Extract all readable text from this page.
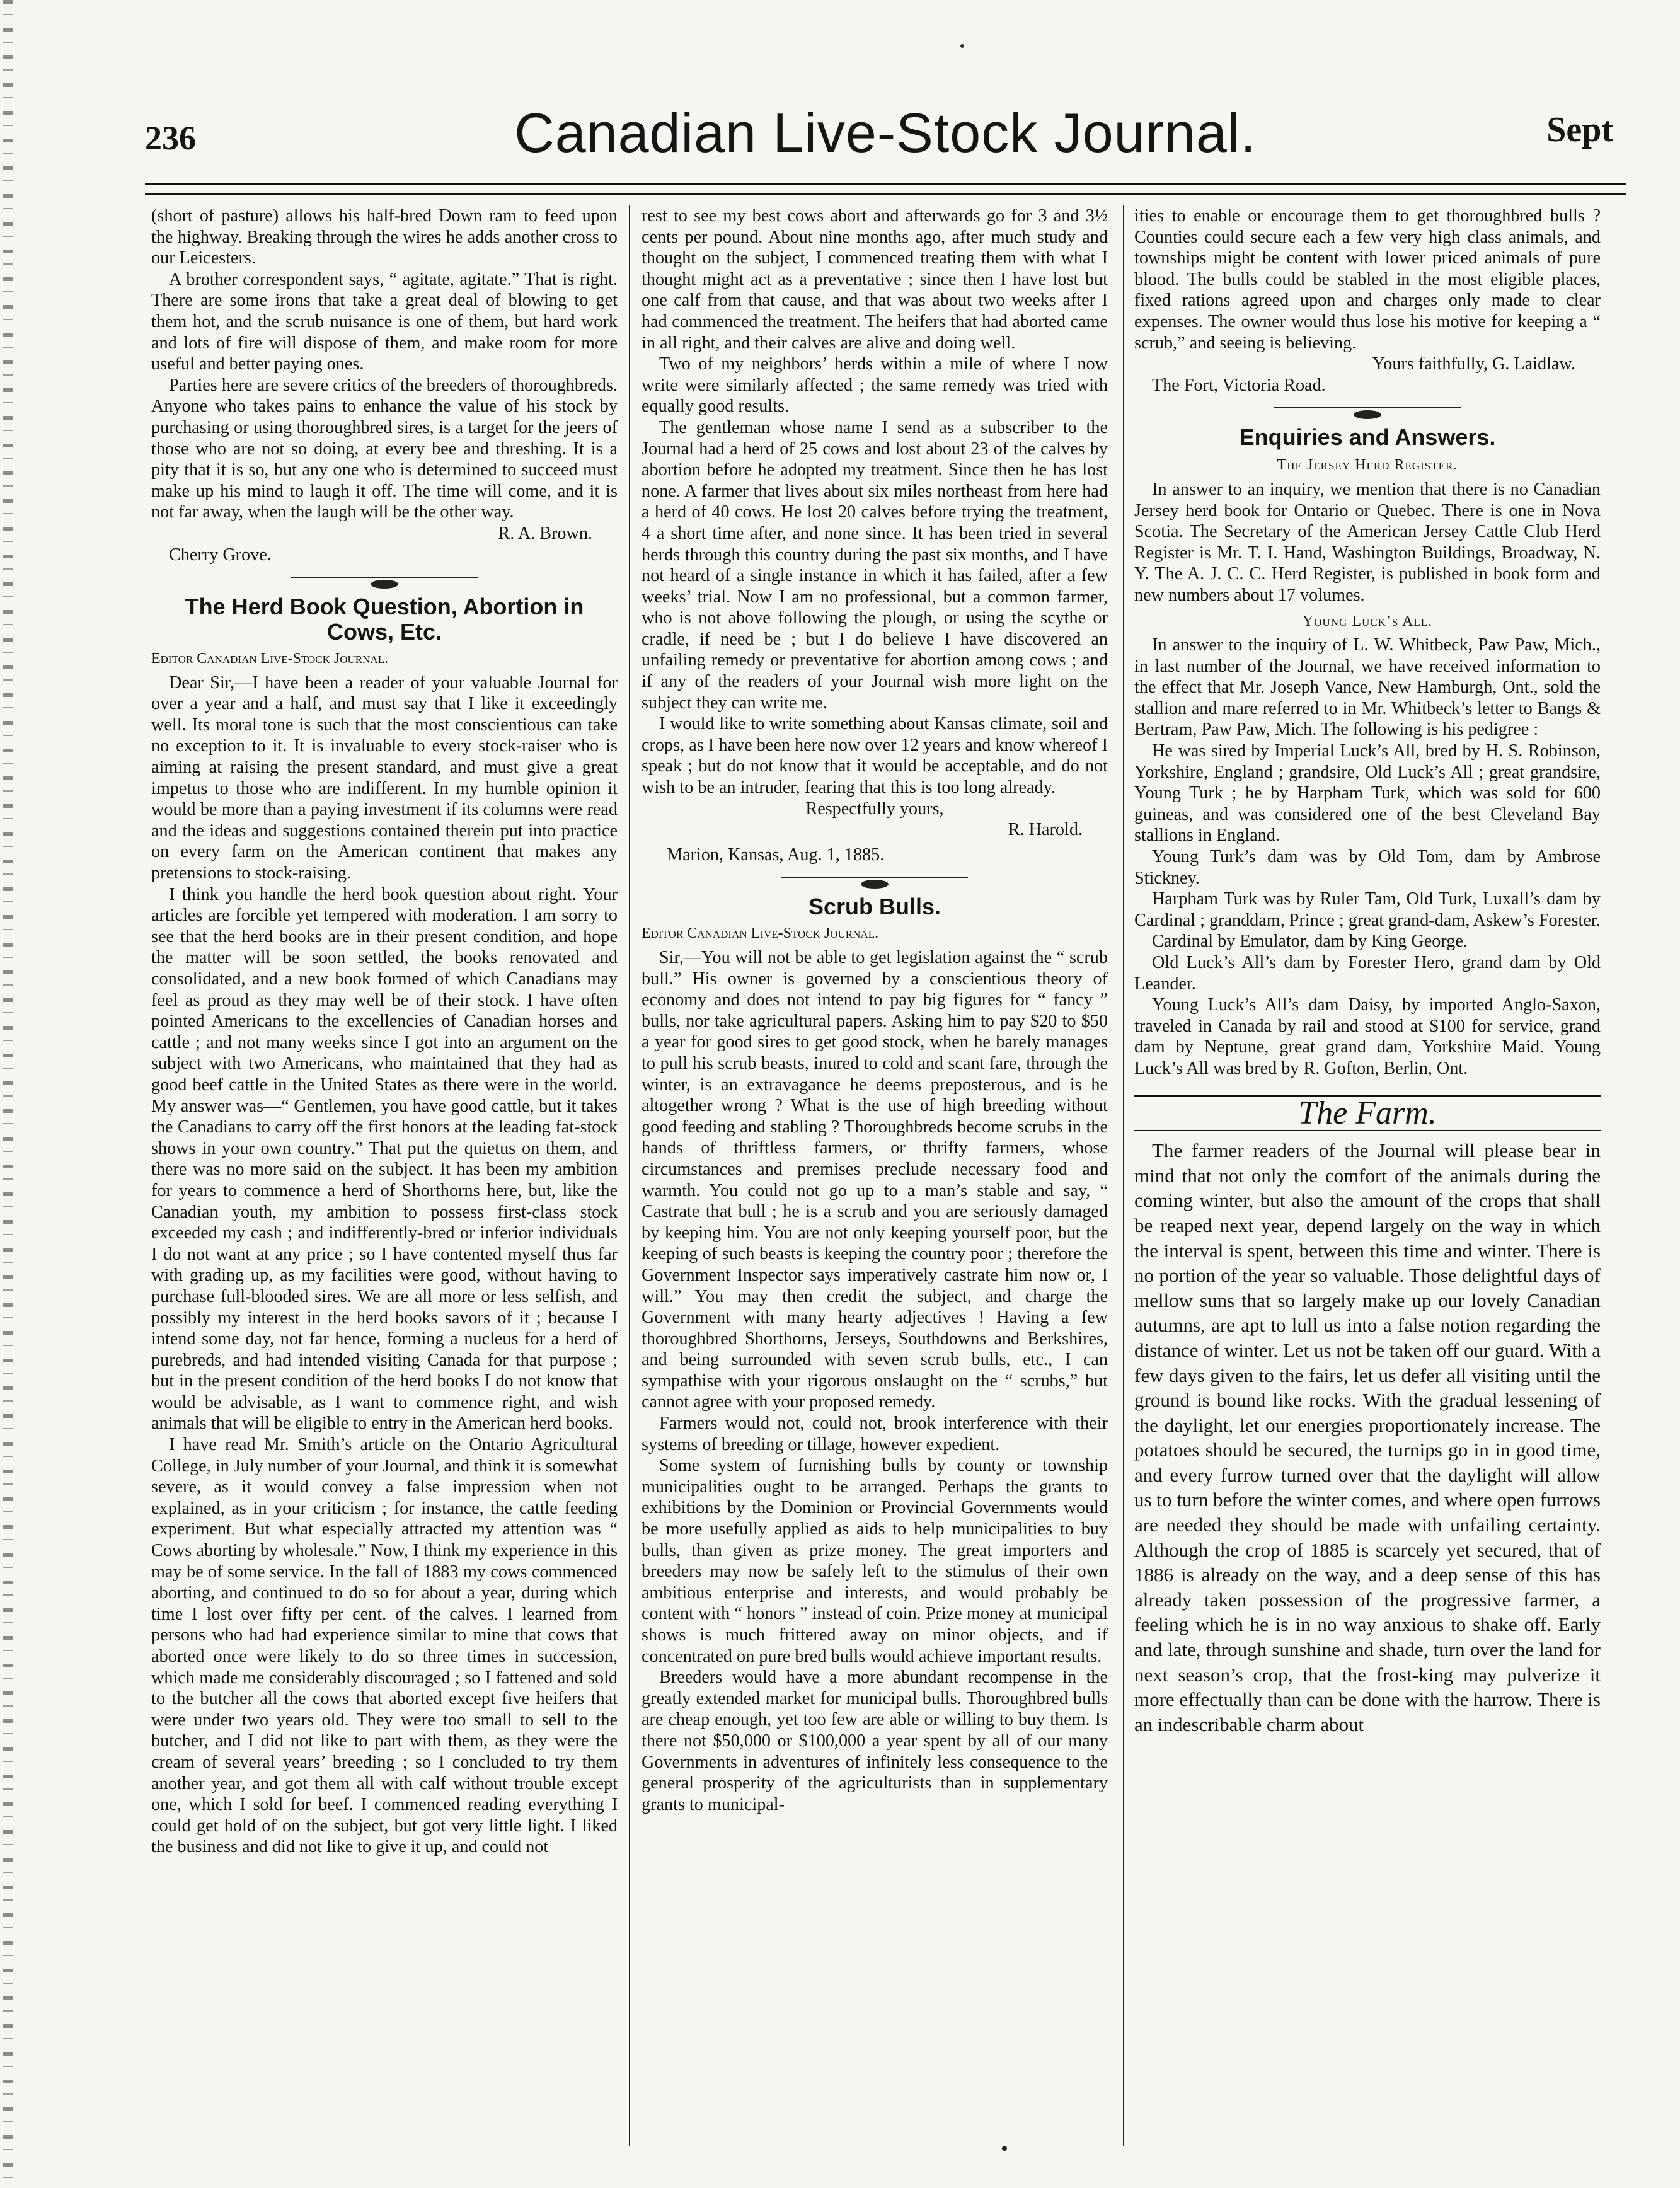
236	Canadian Live-Stock Journal.	Sept

(short of pasture) allows his half-bred Down ram to feed upon the highway. Breaking through the wires he adds another cross to our Leicesters.

A brother correspondent says, “ agitate, agitate.” That is right. There are some irons that take a great deal of blowing to get them hot, and the scrub nuisance is one of them, but hard work and lots of fire will dispose of them, and make room for more useful and better paying ones.

Parties here are severe critics of the breeders of thoroughbreds. Anyone who takes pains to enhance the value of his stock by purchasing or using thoroughbred sires, is a target for the jeers of those who are not so doing, at every bee and threshing. It is a pity that it is so, but any one who is determined to succeed must make up his mind to laugh it off. The time will come, and it is not far away, when the laugh will be the other way.

R. A. Brown.

Cherry Grove.

The Herd Book Question, Abortion in Cows, Etc.

Editor Canadian Live-Stock Journal.

Dear Sir,—I have been a reader of your valuable Journal for over a year and a half, and must say that I like it exceedingly well. Its moral tone is such that the most conscientious can take no exception to it. It is invaluable to every stock-raiser who is aiming at raising the present standard, and must give a great impetus to those who are indifferent. In my humble opinion it would be more than a paying investment if its columns were read and the ideas and suggestions contained therein put into practice on every farm on the American continent that makes any pretensions to stock-raising.

I think you handle the herd book question about right. Your articles are forcible yet tempered with moderation. I am sorry to see that the herd books are in their present condition, and hope the matter will be soon settled, the books renovated and consolidated, and a new book formed of which Canadians may feel as proud as they may well be of their stock. I have often pointed Americans to the excellencies of Canadian horses and cattle ; and not many weeks since I got into an argument on the subject with two Americans, who maintained that they had as good beef cattle in the United States as there were in the world. My answer was—“ Gentlemen, you have good cattle, but it takes the Canadians to carry off the first honors at the leading fat-stock shows in your own country.” That put the quietus on them, and there was no more said on the subject. It has been my ambition for years to commence a herd of Shorthorns here, but, like the Canadian youth, my ambition to possess first-class stock exceeded my cash ; and indifferently-bred or inferior individuals I do not want at any price ; so I have contented myself thus far with grading up, as my facilities were good, without having to purchase full-blooded sires. We are all more or less selfish, and possibly my interest in the herd books savors of it ; because I intend some day, not far hence, forming a nucleus for a herd of purebreds, and had intended visiting Canada for that purpose ; but in the present condition of the herd books I do not know that would be advisable, as I want to commence right, and wish animals that will be eligible to entry in the American herd books.

I have read Mr. Smith’s article on the Ontario Agricultural College, in July number of your Journal, and think it is somewhat severe, as it would convey a false impression when not explained, as in your criticism ; for instance, the cattle feeding experiment. But what especially attracted my attention was “ Cows aborting by wholesale.” Now, I think my experience in this may be of some service. In the fall of 1883 my cows commenced aborting, and continued to do so for about a year, during which time I lost over fifty per cent. of the calves. I learned from persons who had had experience similar to mine that cows that aborted once were likely to do so three times in succession, which made me considerably discouraged ; so I fattened and sold to the butcher all the cows that aborted except five heifers that were under two years old. They were too small to sell to the butcher, and I did not like to part with them, as they were the cream of several years’ breeding ; so I concluded to try them another year, and got them all with calf without trouble except one, which I sold for beef. I commenced reading everything I could get hold of on the subject, but got very little light. I liked the business and did not like to give it up, and could not

rest to see my best cows abort and afterwards go for 3 and 3½ cents per pound. About nine months ago, after much study and thought on the subject, I commenced treating them with what I thought might act as a preventative ; since then I have lost but one calf from that cause, and that was about two weeks after I had commenced the treatment. The heifers that had aborted came in all right, and their calves are alive and doing well.

Two of my neighbors’ herds within a mile of where I now write were similarly affected ; the same remedy was tried with equally good results.

The gentleman whose name I send as a subscriber to the Journal had a herd of 25 cows and lost about 23 of the calves by abortion before he adopted my treatment. Since then he has lost none. A farmer that lives about six miles northeast from here had a herd of 40 cows. He lost 20 calves before trying the treatment, 4 a short time after, and none since. It has been tried in several herds through this country during the past six months, and I have not heard of a single instance in which it has failed, after a few weeks’ trial. Now I am no professional, but a common farmer, who is not above following the plough, or using the scythe or cradle, if need be ; but I do believe I have discovered an unfailing remedy or preventative for abortion among cows ; and if any of the readers of your Journal wish more light on the subject they can write me.

I would like to write something about Kansas climate, soil and crops, as I have been here now over 12 years and know whereof I speak ; but do not know that it would be acceptable, and do not wish to be an intruder, fearing that this is too long already.

Respectfully yours,

R. Harold.

Marion, Kansas, Aug. 1, 1885.

Scrub Bulls.

Editor Canadian Live-Stock Journal.

Sir,—You will not be able to get legislation against the “ scrub bull.” His owner is governed by a conscientious theory of economy and does not intend to pay big figures for “ fancy ” bulls, nor take agricultural papers. Asking him to pay $20 to $50 a year for good sires to get good stock, when he barely manages to pull his scrub beasts, inured to cold and scant fare, through the winter, is an extravagance he deems preposterous, and is he altogether wrong ? What is the use of high breeding without good feeding and stabling ? Thoroughbreds become scrubs in the hands of thriftless farmers, or thrifty farmers, whose circumstances and premises preclude necessary food and warmth. You could not go up to a man’s stable and say, “ Castrate that bull ; he is a scrub and you are seriously damaged by keeping him. You are not only keeping yourself poor, but the keeping of such beasts is keeping the country poor ; therefore the Government Inspector says imperatively castrate him now or, I will.” You may then credit the subject, and charge the Government with many hearty adjectives ! Having a few thoroughbred Shorthorns, Jerseys, Southdowns and Berkshires, and being surrounded with seven scrub bulls, etc., I can sympathise with your rigorous onslaught on the “ scrubs,” but cannot agree with your proposed remedy.

Farmers would not, could not, brook interference with their systems of breeding or tillage, however expedient.

Some system of furnishing bulls by county or township municipalities ought to be arranged. Perhaps the grants to exhibitions by the Dominion or Provincial Governments would be more usefully applied as aids to help municipalities to buy bulls, than given as prize money. The great importers and breeders may now be safely left to the stimulus of their own ambitious enterprise and interests, and would probably be content with “ honors ” instead of coin. Prize money at municipal shows is much frittered away on minor objects, and if concentrated on pure bred bulls would achieve important results.

Breeders would have a more abundant recompense in the greatly extended market for municipal bulls. Thoroughbred bulls are cheap enough, yet too few are able or willing to buy them. Is there not $50,000 or $100,000 a year spent by all of our many Governments in adventures of infinitely less consequence to the general prosperity of the agriculturists than in supplementary grants to municipal-

ities to enable or encourage them to get thoroughbred bulls ? Counties could secure each a few very high class animals, and townships might be content with lower priced animals of pure blood. The bulls could be stabled in the most eligible places, fixed rations agreed upon and charges only made to clear expenses. The owner would thus lose his motive for keeping a “ scrub,” and seeing is believing.

Yours faithfully, G. Laidlaw.

The Fort, Victoria Road.

Enquiries and Answers.

The Jersey Herd Register.

In answer to an inquiry, we mention that there is no Canadian Jersey herd book for Ontario or Quebec. There is one in Nova Scotia. The Secretary of the American Jersey Cattle Club Herd Register is Mr. T. I. Hand, Washington Buildings, Broadway, N. Y. The A. J. C. C. Herd Register, is published in book form and new numbers about 17 volumes.

Young Luck’s All.

In answer to the inquiry of L. W. Whitbeck, Paw Paw, Mich., in last number of the Journal, we have received information to the effect that Mr. Joseph Vance, New Hamburgh, Ont., sold the stallion and mare referred to in Mr. Whitbeck’s letter to Bangs & Bertram, Paw Paw, Mich. The following is his pedigree :

He was sired by Imperial Luck’s All, bred by H. S. Robinson, Yorkshire, England ; grandsire, Old Luck’s All ; great grandsire, Young Turk ; he by Harpham Turk, which was sold for 600 guineas, and was considered one of the best Cleveland Bay stallions in England.

Young Turk’s dam was by Old Tom, dam by Ambrose Stickney.

Harpham Turk was by Ruler Tam, Old Turk, Luxall’s dam by Cardinal ; granddam, Prince ; great grand-dam, Askew’s Forester.

Cardinal by Emulator, dam by King George.

Old Luck’s All’s dam by Forester Hero, grand dam by Old Leander.

Young Luck’s All’s dam Daisy, by imported Anglo-Saxon, traveled in Canada by rail and stood at $100 for service, grand dam by Neptune, great grand dam, Yorkshire Maid. Young Luck’s All was bred by R. Gofton, Berlin, Ont.

The Farm.

The farmer readers of the Journal will please bear in mind that not only the comfort of the animals during the coming winter, but also the amount of the crops that shall be reaped next year, depend largely on the way in which the interval is spent, between this time and winter. There is no portion of the year so valuable. Those delightful days of mellow suns that so largely make up our lovely Canadian autumns, are apt to lull us into a false notion regarding the distance of winter. Let us not be taken off our guard. With a few days given to the fairs, let us defer all visiting until the ground is bound like rocks. With the gradual lessening of the daylight, let our energies proportionately increase. The potatoes should be secured, the turnips go in in good time, and every furrow turned over that the daylight will allow us to turn before the winter comes, and where open furrows are needed they should be made with unfailing certainty. Although the crop of 1885 is scarcely yet secured, that of 1886 is already on the way, and a deep sense of this has already taken possession of the progressive farmer, a feeling which he is in no way anxious to shake off. Early and late, through sunshine and shade, turn over the land for next season’s crop, that the frost-king may pulverize it more effectually than can be done with the harrow. There is an indescribable charm about
